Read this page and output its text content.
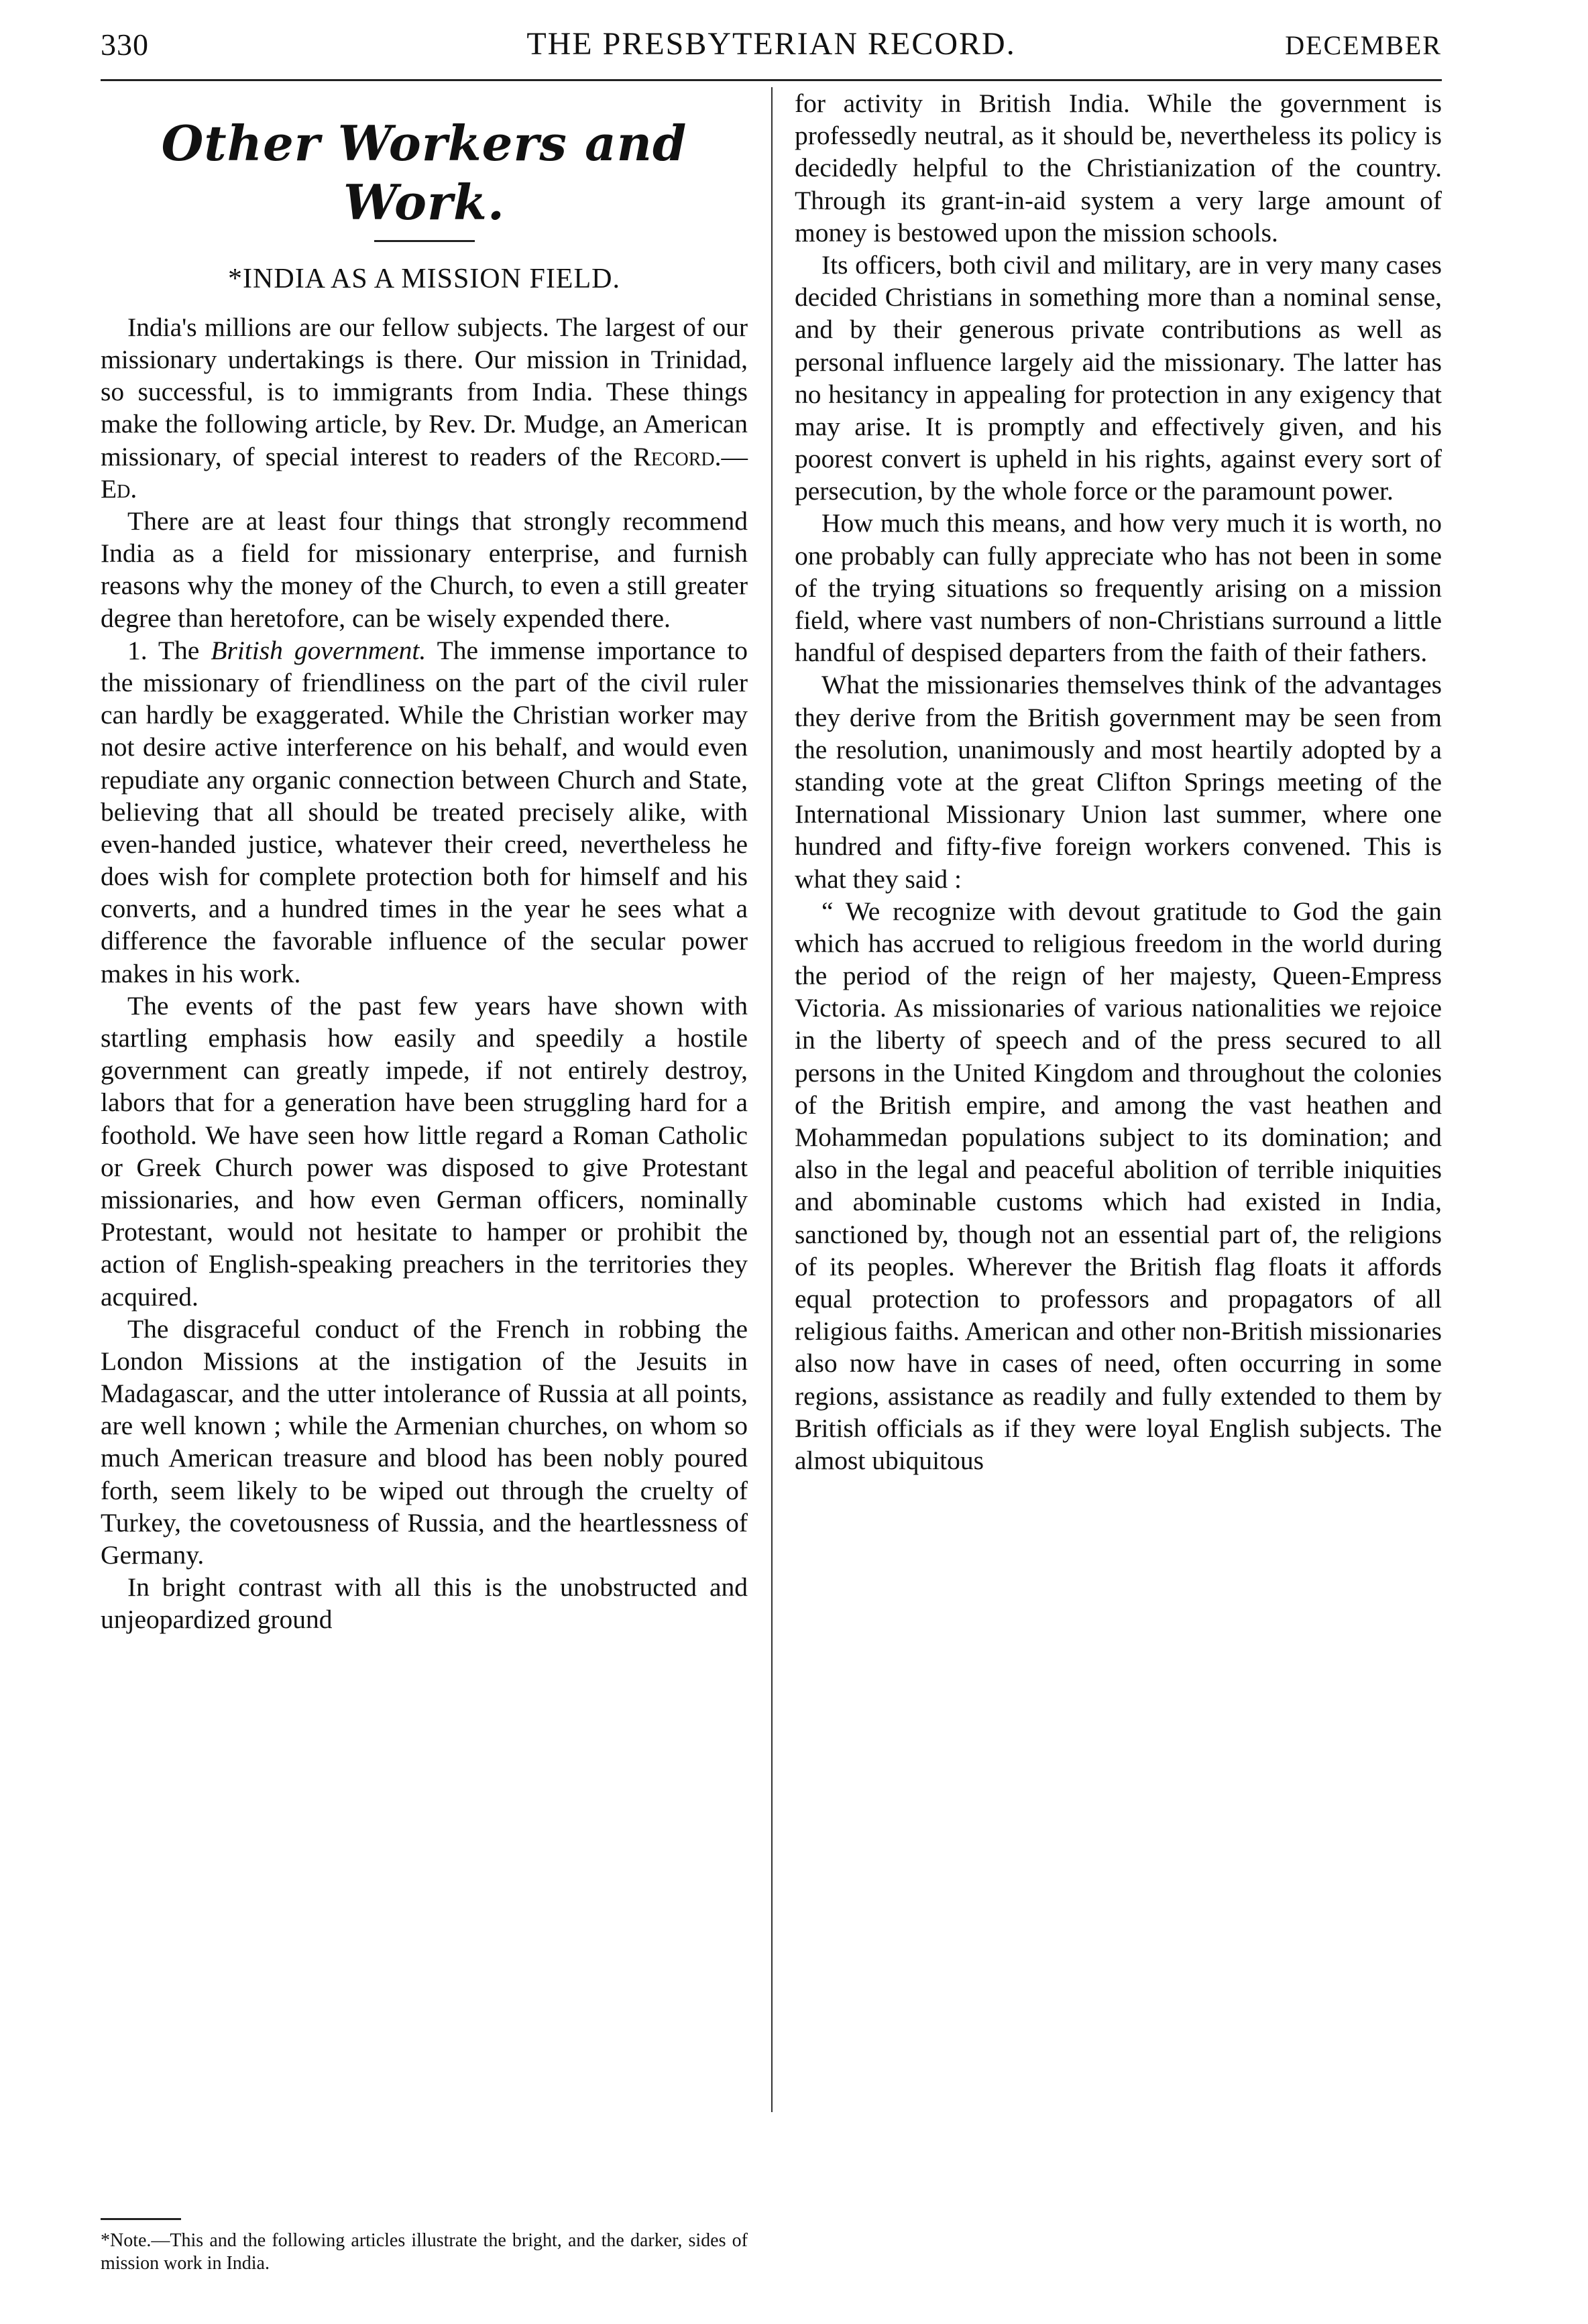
330	THE PRESBYTERIAN RECORD.	DECEMBER
Other Workers and Work.
*INDIA AS A MISSION FIELD.

India's millions are our fellow subjects. The largest of our missionary undertakings is there. Our mission in Trinidad, so successful, is to immigrants from India. These things make the following article, by Rev. Dr. Mudge, an American missionary, of special interest to readers of the Record.—Ed.

There are at least four things that strongly recommend India as a field for missionary enterprise, and furnish reasons why the money of the Church, to even a still greater degree than heretofore, can be wisely expended there.

1. The British government. The immense importance to the missionary of friendliness on the part of the civil ruler can hardly be exaggerated. While the Christian worker may not desire active interference on his behalf, and would even repudiate any organic connection between Church and State, believing that all should be treated precisely alike, with even-handed justice, whatever their creed, nevertheless he does wish for complete protection both for himself and his converts, and a hundred times in the year he sees what a difference the favorable influence of the secular power makes in his work.

The events of the past few years have shown with startling emphasis how easily and speedily a hostile government can greatly impede, if not entirely destroy, labors that for a generation have been struggling hard for a foothold. We have seen how little regard a Roman Catholic or Greek Church power was disposed to give Protestant missionaries, and how even German officers, nominally Protestant, would not hesitate to hamper or prohibit the action of English-speaking preachers in the territories they acquired.

The disgraceful conduct of the French in robbing the London Missions at the instigation of the Jesuits in Madagascar, and the utter intolerance of Russia at all points, are well known ; while the Armenian churches, on whom so much American treasure and blood has been nobly poured forth, seem likely to be wiped out through the cruelty of Turkey, the covetousness of Russia, and the heartlessness of Germany.

In bright contrast with all this is the unobstructed and unjeopardized ground

*Note.—This and the following articles illustrate the bright, and the darker, sides of mission work in India.

for activity in British India. While the government is professedly neutral, as it should be, nevertheless its policy is decidedly helpful to the Christianization of the country. Through its grant-in-aid system a very large amount of money is bestowed upon the mission schools.

Its officers, both civil and military, are in very many cases decided Christians in something more than a nominal sense, and by their generous private contributions as well as personal influence largely aid the missionary. The latter has no hesitancy in appealing for protection in any exigency that may arise. It is promptly and effectively given, and his poorest convert is upheld in his rights, against every sort of persecution, by the whole force or the paramount power.

How much this means, and how very much it is worth, no one probably can fully appreciate who has not been in some of the trying situations so frequently arising on a mission field, where vast numbers of non-Christians surround a little handful of despised departers from the faith of their fathers.

What the missionaries themselves think of the advantages they derive from the British government may be seen from the resolution, unanimously and most heartily adopted by a standing vote at the great Clifton Springs meeting of the International Missionary Union last summer, where one hundred and fifty-five foreign workers convened. This is what they said :

“ We recognize with devout gratitude to God the gain which has accrued to religious freedom in the world during the period of the reign of her majesty, Queen-Empress Victoria. As missionaries of various nationalities we rejoice in the liberty of speech and of the press secured to all persons in the United Kingdom and throughout the colonies of the British empire, and among the vast heathen and Mohammedan populations subject to its domination; and also in the legal and peaceful abolition of terrible iniquities and abominable customs which had existed in India, sanctioned by, though not an essential part of, the religions of its peoples. Wherever the British flag floats it affords equal protection to professors and propagators of all religious faiths. American and other non-British missionaries also now have in cases of need, often occurring in some regions, assistance as readily and fully extended to them by British officials as if they were loyal English subjects. The almost ubiquitous
